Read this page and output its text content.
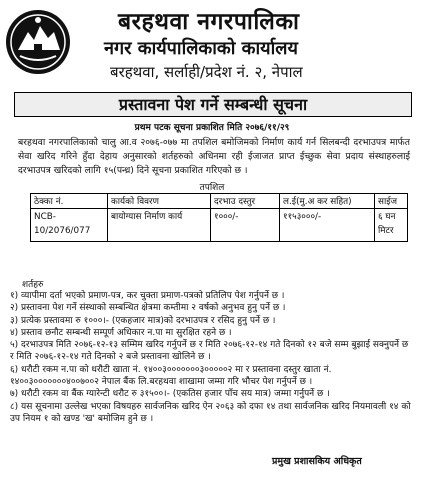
बरहथवा नगरपालिका
नगर कार्यपालिकाको कार्यालय
बरहथवा, सर्लाही/प्रदेश नं. २, नेपाल
प्रस्तावना पेश गर्ने सम्बन्धी सूचना
प्रथम पटक सूचना प्रकाशित मिति २०७६/११/२९
बरहथवा नगरपालिकाको चालु आ.व २०७६-०७७ मा तपशिल बमोजिमको निर्माण कार्य गर्न सिलबन्दी दरभाउपत्र मार्फत सेवा खरिद गरिने हुँदा देहाय अनुसारको शर्तहरुको अधिनमा रही ईजाजत प्राप्त ईच्छुक सेवा प्रदाय संस्थाहरुलाई दरभाउपत्र खरिदको लागि १५(पन्ध्र) दिने सूचना प्रकाशित गरिएको छ ।
तपशिल
ठेक्का नं.	कार्यको विवरण	दरभाउ दस्तुर	ल.ई(मु.अ कर सहित)	साईज
NCB-10/2076/077	बायोग्यास निर्माण कार्य	१०००/-	११५३०००/-	६ घन मिटर
शर्तहरु
१) व्यापीमा दर्ता भएको प्रमाण-पत्र, कर चुक्ता प्रमाण-पत्रको प्रतिलिप पेश गर्नुपर्ने छ ।
२) प्रस्तावना पेश गर्ने संस्थाको सम्बन्धित क्षेत्रमा कम्तीमा २ वर्षको अनुभव हुनु पर्ने छ ।
३) प्रत्येक प्रस्तावमा रु १०००।- (एकहजार मात्र)को दरभाउपत्र र रसिद हुनु पर्ने छ ।
४) प्रस्ताव छनौट सम्बन्धी सम्पूर्ण अधिकार न.पा मा सुरक्षित रहने छ ।
५) दरभाउपत्र मिति २०७६-१२-१३ सम्मिम खरिद गर्नुपर्ने छ र मिति २०७६-१२-१४ गते दिनको १२ बजे सम्म बुझाई सक्नुपर्ने छ र मिति २०७६-१२-१४ गते दिनको २ बजे प्रस्तावना खोलिने छ ।
६) धरौटी रकम न.पा को धरौटी खाता नं. १४००३०००००००३०००००२ मा र प्रस्तावना दस्तुर खाता नं. १४००३०००००००४००७००२ नेपाल बैंक लि.बरहथवा शाखामा जम्मा गरि भौचर पेश गर्नुपर्ने छ ।
७) धरौटी रकम वा बैंक ग्यारेन्टी धरौट रु ३१५००।- (एकतिस हजार पाँच सय मात्र) जम्मा गर्नुपर्ने छ ।
८) यस सूचनामा उल्लेख भएका विषयहरु सार्वजनिक खरिद ऐन २०६३ को दफा १४ तथा सार्वजनिक खरिद नियमावली १४ को उप नियम १ को खण्ड 'ख' बमोजिम हुने छ ।
प्रमुख प्रशासकिय अधिकृत
